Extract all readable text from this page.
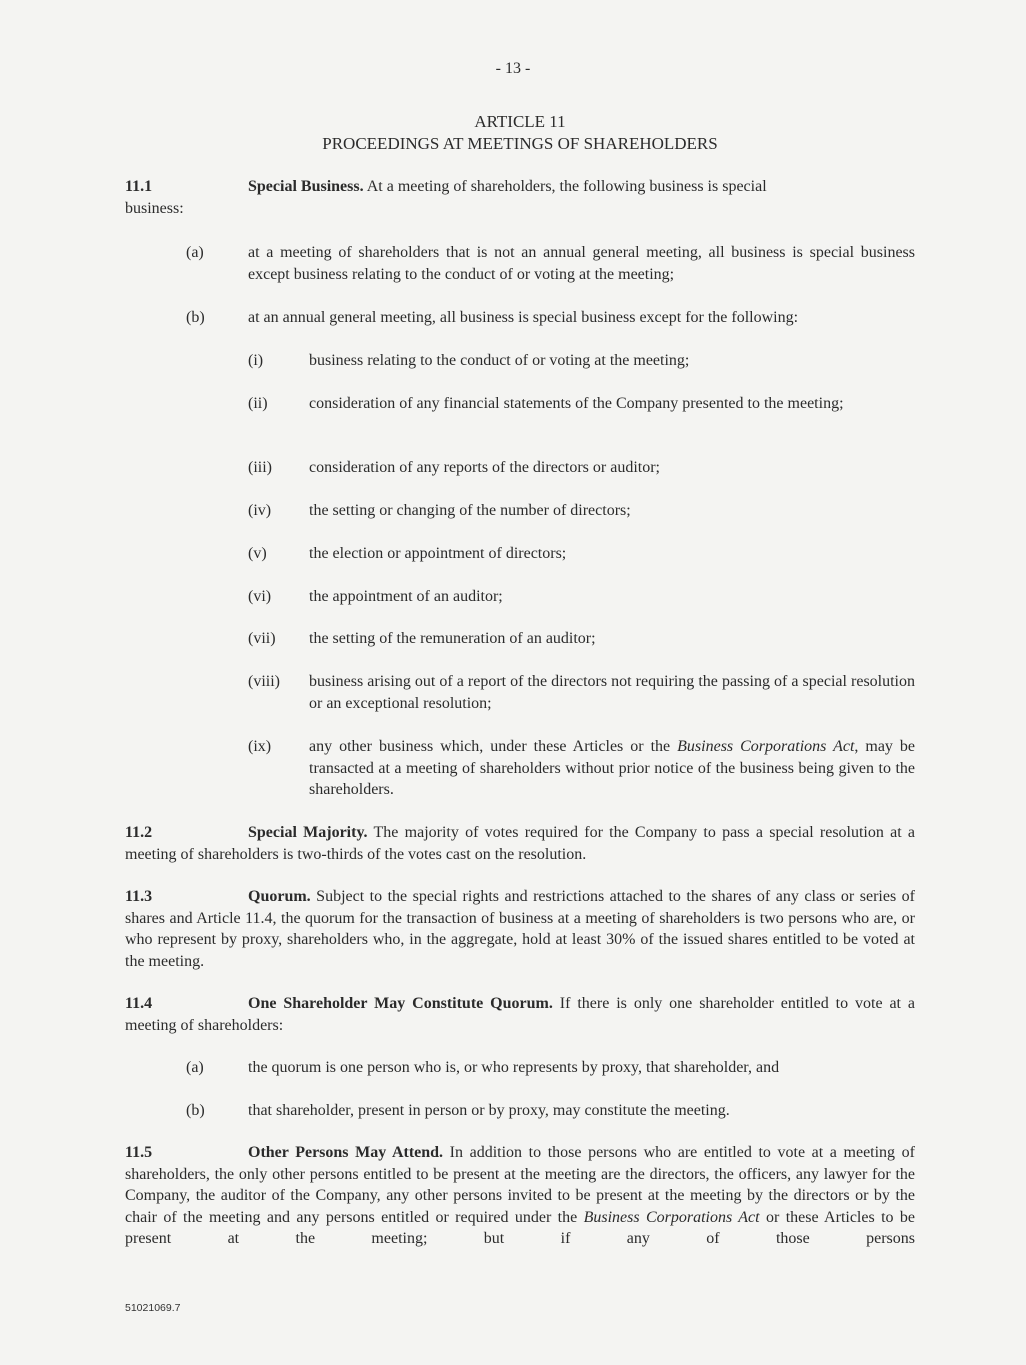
- 13 -
ARTICLE 11
PROCEEDINGS AT MEETINGS OF SHAREHOLDERS
11.1	Special Business. At a meeting of shareholders, the following business is special
business:
(a)	at a meeting of shareholders that is not an annual general meeting, all business is special business except business relating to the conduct of or voting at the meeting;
(b)	at an annual general meeting, all business is special business except for the following:
(i)	business relating to the conduct of or voting at the meeting;
(ii)	consideration of any financial statements of the Company presented to the meeting;
(iii) consideration of any reports of the directors or auditor;
(iv) the setting or changing of the number of directors;
(v)	the election or appointment of directors;
(vi) the appointment of an auditor;
(vii) the setting of the remuneration of an auditor;
(viii) business arising out of a report of the directors not requiring the passing of a special resolution or an exceptional resolution;
(ix) any other business which, under these Articles or the Business Corporations Act, may be transacted at a meeting of shareholders without prior notice of the business being given to the shareholders.
11.2	Special Majority. The majority of votes required for the Company to pass a special resolution at a meeting of shareholders is two-thirds of the votes cast on the resolution.
11.3	Quorum. Subject to the special rights and restrictions attached to the shares of any class or series of shares and Article 11.4, the quorum for the transaction of business at a meeting of shareholders is two persons who are, or who represent by proxy, shareholders who, in the aggregate, hold at least 30% of the issued shares entitled to be voted at the meeting.
11.4	One Shareholder May Constitute Quorum. If there is only one shareholder entitled to vote at a meeting of shareholders:
(a)	the quorum is one person who is, or who represents by proxy, that shareholder, and
(b)	that shareholder, present in person or by proxy, may constitute the meeting.
11.5	Other Persons May Attend. In addition to those persons who are entitled to vote at a meeting of shareholders, the only other persons entitled to be present at the meeting are the directors, the officers, any lawyer for the Company, the auditor of the Company, any other persons invited to be present at the meeting by the directors or by the chair of the meeting and any persons entitled or required under the Business Corporations Act or these Articles to be present at the meeting; but if any of those persons
51021069.7
